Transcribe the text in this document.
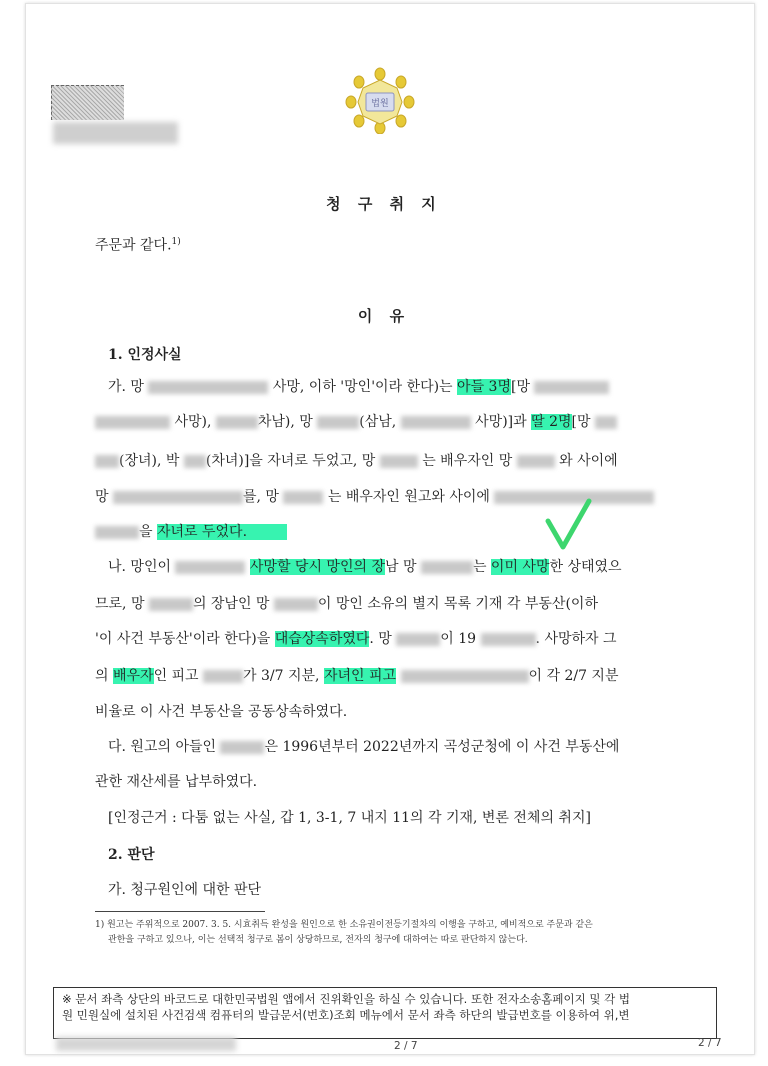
법원
청 구 취 지
주문과 같다.$^{1)}$
이 유
1. 인정사실
가. 망	사망, 이하 '망인'이라 한다)는 아들 3명[망
사망),	차남), 망	(삼남,	사망)]과 딸 2명[망
(장녀), 박 (차녀)]을 자녀로 두었고, 망	는 배우자인 망	와 사이에
망	를, 망	는 배우자인 원고와 사이에
을 자녀로 두었다.
나. 망인이	사망할 당시 망인의 장남 망	는 이미 사망한 상태였으
므로, 망	의 장남인 망	이 망인 소유의 별지 목록 기재 각 부동산(이하
'이 사건 부동산'이라 한다)을 대습상속하였다. 망	이 19	. 사망하자 그
의 배우자인 피고	가 3/7 지분, 자녀인 피고	이 각 2/7 지분
비율로 이 사건 부동산을 공동상속하였다.
다. 원고의 아들인	은 1996년부터 2022년까지 곡성군청에 이 사건 부동산에
관한 재산세를 납부하였다.
[인정근거 : 다툼 없는 사실, 갑 1, 3-1, 7 내지 11의 각 기재, 변론 전체의 취지]
2. 판단
가. 청구원인에 대한 판단
1) 원고는 주위적으로 2007. 3. 5. 시효취득 완성을 원인으로 한 소유권이전등기절차의 이행을 구하고, 예비적으로 주문과 같은
관한을 구하고 있으나, 이는 선택적 청구로 봄이 상당하므로, 전자의 청구에 대하여는 따로 판단하지 않는다.
※ 문서 좌측 상단의 바코드로 대한민국법원 앱에서 진위확인을 하실 수 있습니다. 또한 전자소송홈페이지 및 각 법
원 민원실에 설치된 사건검색 컴퓨터의 발급문서(번호)조회 메뉴에서 문서 좌측 하단의 발급번호를 이용하여 위,변
2 / 7	2 / 7
